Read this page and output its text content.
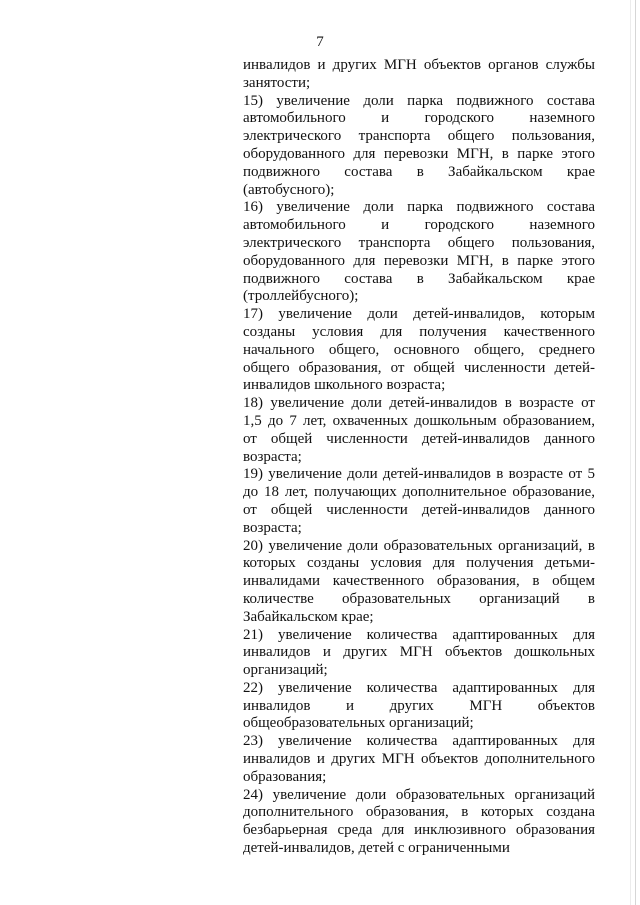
7

инвалидов и других МГН объектов органов службы занятости;

15) увеличение доли парка подвижного состава автомобильного и городского наземного электрического транспорта общего пользования, оборудованного для перевозки МГН, в парке этого подвижного состава в Забайкальском крае (автобусного);

16) увеличение доли парка подвижного состава автомобильного и городского наземного электрического транспорта общего пользования, оборудованного для перевозки МГН, в парке этого подвижного состава в Забайкальском крае (троллейбусного);

17) увеличение доли детей-инвалидов, которым созданы условия для получения качественного начального общего, основного общего, среднего общего образования, от общей численности детей-инвалидов школьного возраста;

18) увеличение доли детей-инвалидов в возрасте от 1,5 до 7 лет, охваченных дошкольным образованием, от общей численности детей-инвалидов данного возраста;

19) увеличение доли детей-инвалидов в возрасте от 5 до 18 лет, получающих дополнительное образование, от общей численности детей-инвалидов данного возраста;

20) увеличение доли образовательных организаций, в которых созданы условия для получения детьми-инвалидами качественного образования, в общем количестве образовательных организаций в Забайкальском крае;

21) увеличение количества адаптированных для инвалидов и других МГН объектов дошкольных организаций;

22) увеличение количества адаптированных для инвалидов и других МГН объектов общеобразовательных организаций;

23) увеличение количества адаптированных для инвалидов и других МГН объектов дополнительного образования;

24) увеличение доли образовательных организаций дополнительного образования, в которых создана безбарьерная среда для инклюзивного образования детей-инвалидов, детей с ограниченными
